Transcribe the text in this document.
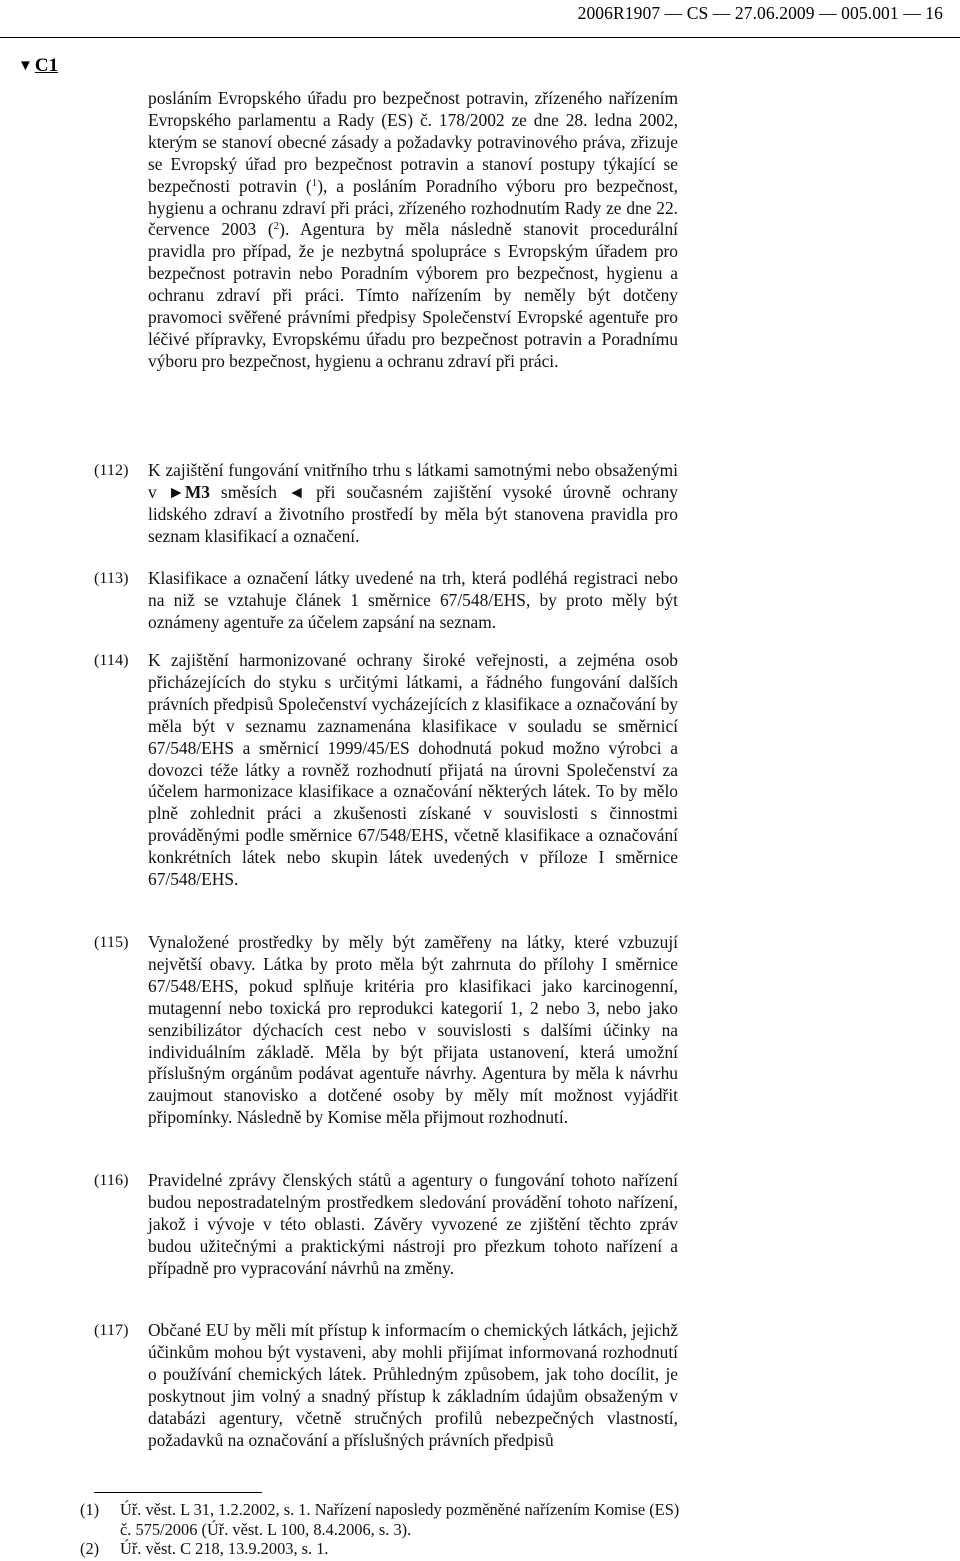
2006R1907 — CS — 27.06.2009 — 005.001 — 16
▼ C1

posláním Evropského úřadu pro bezpečnost potravin, zřízeného nařízením Evropského parlamentu a Rady (ES) č. 178/2002 ze dne 28. ledna 2002, kterým se stanoví obecné zásady a požadavky potravinového práva, zřizuje se Evropský úřad pro bezpečnost potravin a stanoví postupy týkající se bezpečnosti potravin ($^1$), a posláním Poradního výboru pro bezpečnost, hygienu a ochranu zdraví při práci, zřízeného rozhodnutím Rady ze dne 22. července 2003 ($^2$). Agentura by měla následně stanovit procedurální pravidla pro případ, že je nezbytná spolupráce s Evropským úřadem pro bezpečnost potravin nebo Poradním výborem pro bezpečnost, hygienu a ochranu zdraví při práci. Tímto nařízením by neměly být dotčeny pravomoci svěřené právními předpisy Společenství Evropské agentuře pro léčivé přípravky, Evropskému úřadu pro bezpečnost potravin a Poradnímu výboru pro bezpečnost, hygienu a ochranu zdraví při práci.

(112) K zajištění fungování vnitřního trhu s látkami samotnými nebo obsaženými v ►M3 směsích ◄ při současném zajištění vysoké úrovně ochrany lidského zdraví a životního prostředí by měla být stanovena pravidla pro seznam klasifikací a označení.
(113) Klasifikace a označení látky uvedené na trh, která podléhá registraci nebo na niž se vztahuje článek 1 směrnice 67/548/EHS, by proto měly být oznámeny agentuře za účelem zapsání na seznam.
(114) K zajištění harmonizované ochrany široké veřejnosti, a zejména osob přicházejících do styku s určitými látkami, a řádného fungování dalších právních předpisů Společenství vycházejících z klasifikace a označování by měla být v seznamu zaznamenána klasifikace v souladu se směrnicí 67/548/EHS a směrnicí 1999/45/ES dohodnutá pokud možno výrobci a dovozci téže látky a rovněž rozhodnutí přijatá na úrovni Společenství za účelem harmonizace klasifikace a označování některých látek. To by mělo plně zohlednit práci a zkušenosti získané v souvislosti s činnostmi prováděnými podle směrnice 67/548/EHS, včetně klasifikace a označování konkrétních látek nebo skupin látek uvedených v příloze I směrnice 67/548/EHS.
(115) Vynaložené prostředky by měly být zaměřeny na látky, které vzbuzují největší obavy. Látka by proto měla být zahrnuta do přílohy I směrnice 67/548/EHS, pokud splňuje kritéria pro klasifikaci jako karcinogenní, mutagenní nebo toxická pro reprodukci kategorií 1, 2 nebo 3, nebo jako senzibilizátor dýchacích cest nebo v souvislosti s dalšími účinky na individuálním základě. Měla by být přijata ustanovení, která umožní příslušným orgánům podávat agentuře návrhy. Agentura by měla k návrhu zaujmout stanovisko a dotčené osoby by měly mít možnost vyjádřit připomínky. Následně by Komise měla přijmout rozhodnutí.
(116) Pravidelné zprávy členských států a agentury o fungování tohoto nařízení budou nepostradatelným prostředkem sledování provádění tohoto nařízení, jakož i vývoje v této oblasti. Závěry vyvozené ze zjištění těchto zpráv budou užitečnými a praktickými nástroji pro přezkum tohoto nařízení a případně pro vypracování návrhů na změny.
(117) Občané EU by měli mít přístup k informacím o chemických látkách, jejichž účinkům mohou být vystaveni, aby mohli přijímat informovaná rozhodnutí o používání chemických látek. Průhledným způsobem, jak toho docílit, je poskytnout jim volný a snadný přístup k základním údajům obsaženým v databázi agentury, včetně stručných profilů nebezpečných vlastností, požadavků na označování a příslušných právních předpisů
(1)	Úř. věst. L 31, 1.2.2002, s. 1. Nařízení naposledy pozměněné nařízením Komise (ES) č. 575/2006 (Úř. věst. L 100, 8.4.2006, s. 3).
(2)	Úř. věst. C 218, 13.9.2003, s. 1.
